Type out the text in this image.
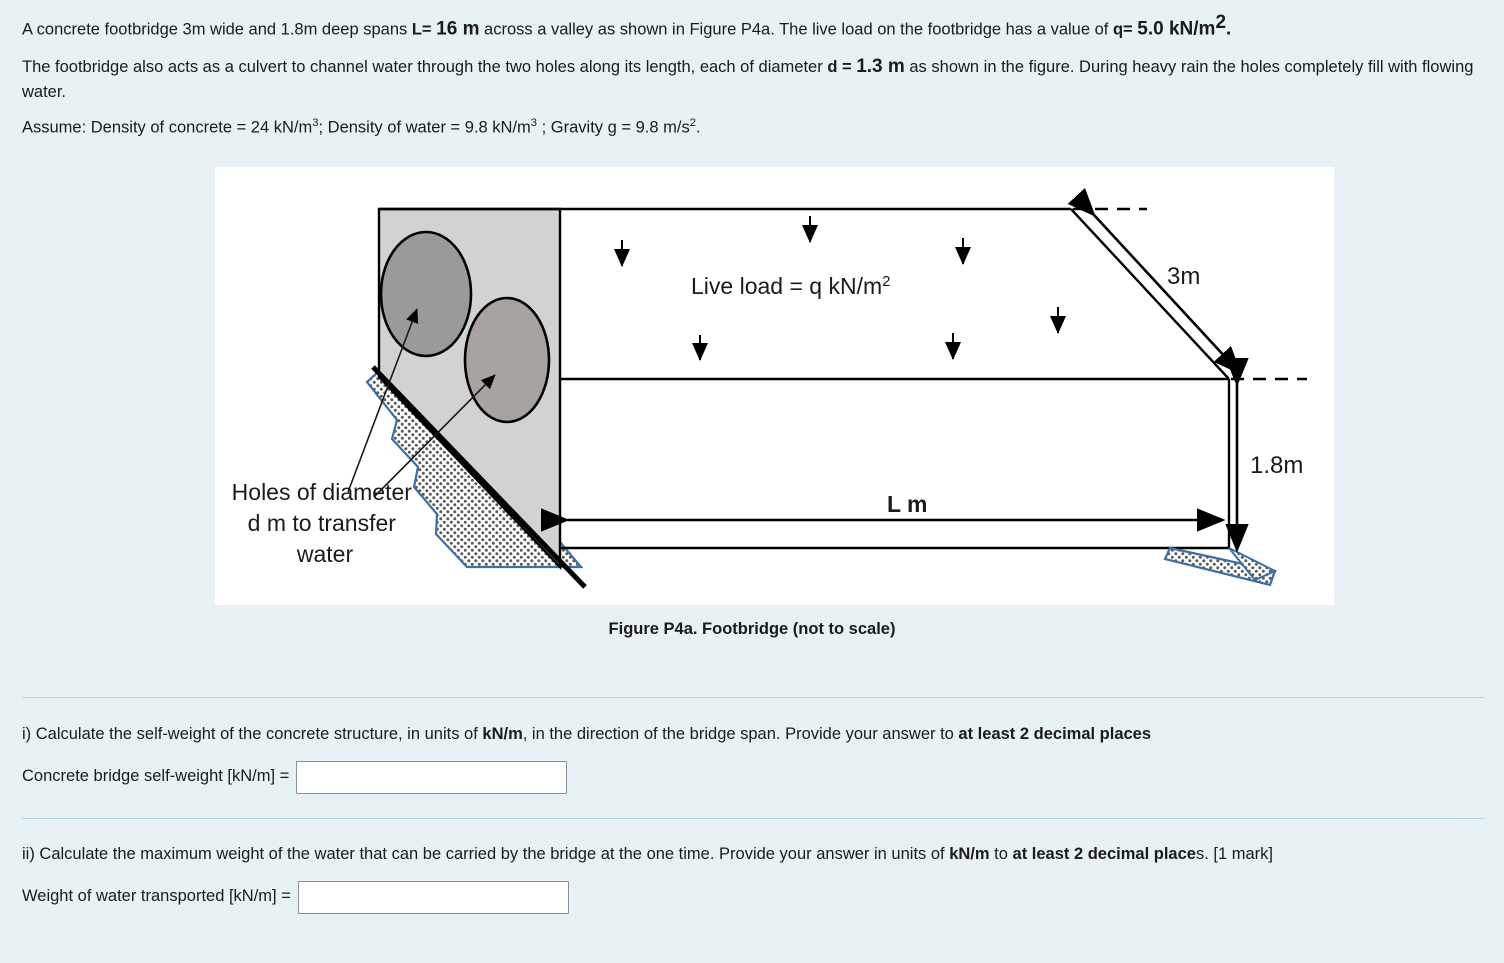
A concrete footbridge 3m wide and 1.8m deep spans L= 16 m across a valley as shown in Figure P4a. The live load on the footbridge has a value of q= 5.0 $kN/m^2$.

The footbridge also acts as a culvert to channel water through the two holes along its length, each of diameter d = 1.3 m as shown in the figure. During heavy rain the holes completely fill with flowing water.

Assume: Density of concrete = 24 $kN/m^3$; Density of water = 9.8 $kN/m^3$ ; Gravity g = 9.8 $m/s^2$.

Live load = q $kN/m^2$
L m
3m
1.8m
Holes of diameter d m to transfer water
Figure P4a. Footbridge (not to scale)

i) Calculate the self-weight of the concrete structure, in units of kN/m, in the direction of the bridge span. Provide your answer to at least 2 decimal places

Concrete bridge self-weight [kN/m] =

ii) Calculate the maximum weight of the water that can be carried by the bridge at the one time. Provide your answer in units of kN/m to at least 2 decimal places. [1 mark]

Weight of water transported [kN/m] =
